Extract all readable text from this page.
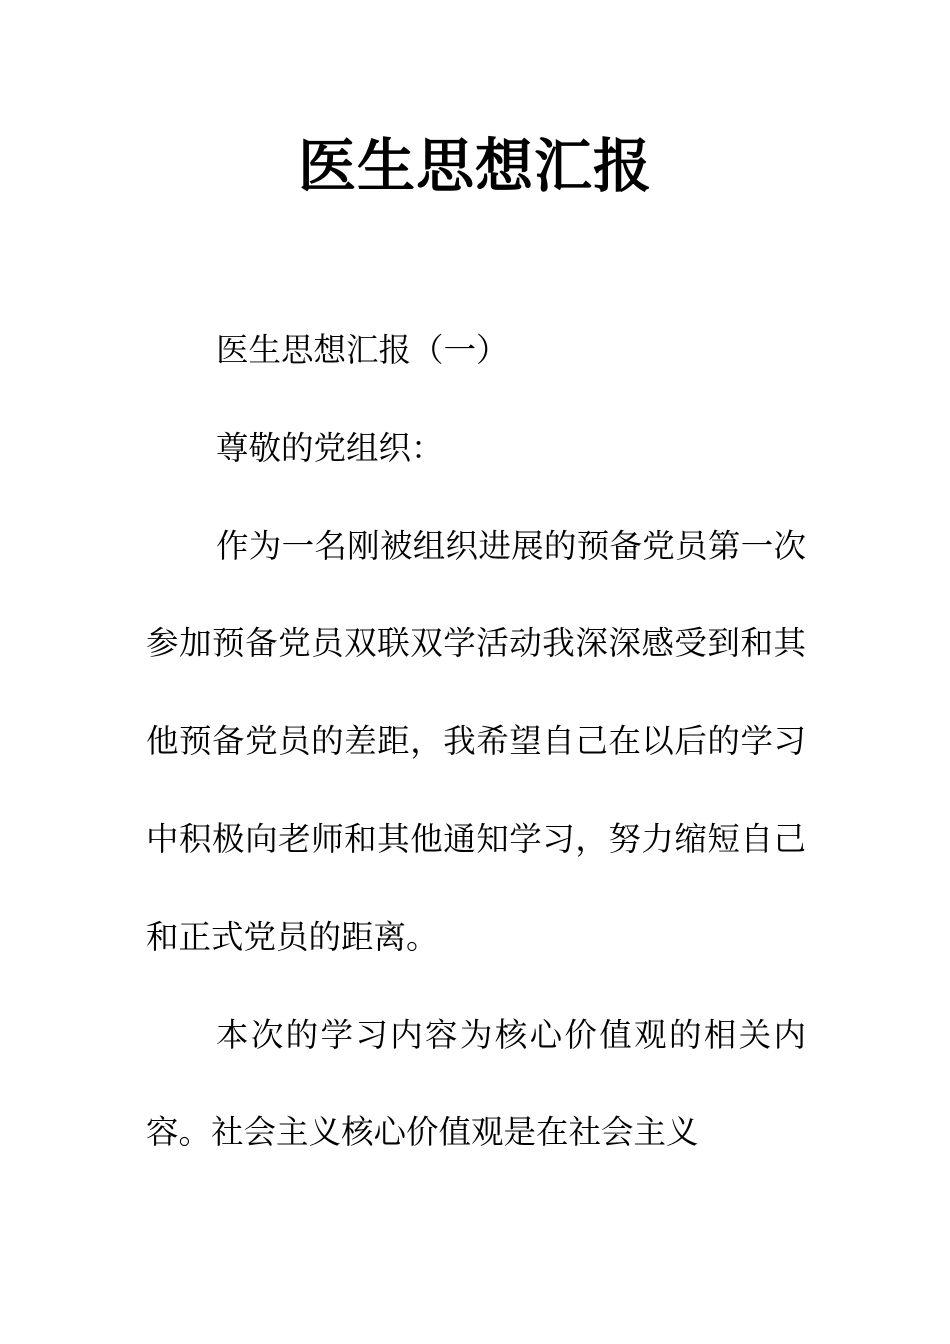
医生思想汇报

医生思想汇报（一）

尊敬的党组织：

作为一名刚被组织进展的预备党员第一次参加预备党员双联双学活动我深深感受到和其他预备党员的差距，我希望自己在以后的学习中积极向老师和其他通知学习，努力缩短自己和正式党员的距离。

本次的学习内容为核心价值观的相关内容。社会主义核心价值观是在社会主义
